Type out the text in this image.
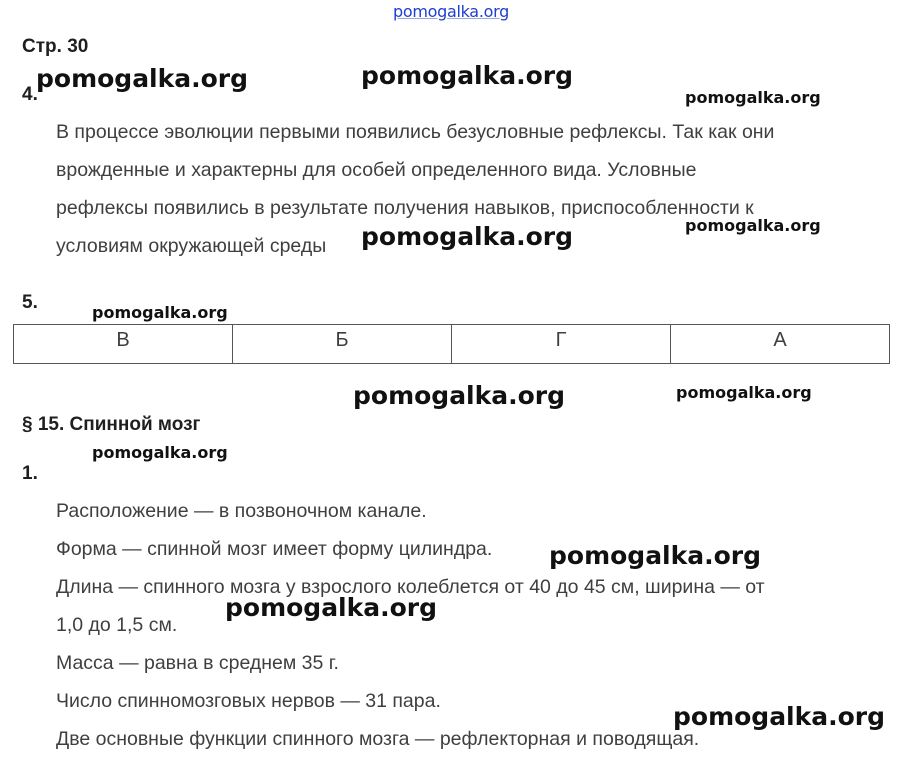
pomogalka.org
Стр. 30
4.
В процессе эволюции первыми появились безусловные рефлексы. Так как они
врожденные и характерны для особей определенного вида. Условные
рефлексы появились в результате получения навыков, приспособленности к
условиям окружающей среды
5.
В	Б	Г	А
§ 15. Спинной мозг
1.
Расположение — в позвоночном канале.
Форма — спинной мозг имеет форму цилиндра.
Длина — спинного мозга у взрослого колеблется от 40 до 45 см, ширина — от
1,0 до 1,5 см.
Масса — равна в среднем 35 г.
Число спинномозговых нервов — 31 пара.
Две основные функции спинного мозга — рефлекторная и поводящая.
pomogalka.org	pomogalka.org
pomogalka.org
pomogalka.org
pomogalka.org
pomogalka.org
pomogalka.org	pomogalka.org
pomogalka.org
pomogalka.org
pomogalka.org
pomogalka.org
